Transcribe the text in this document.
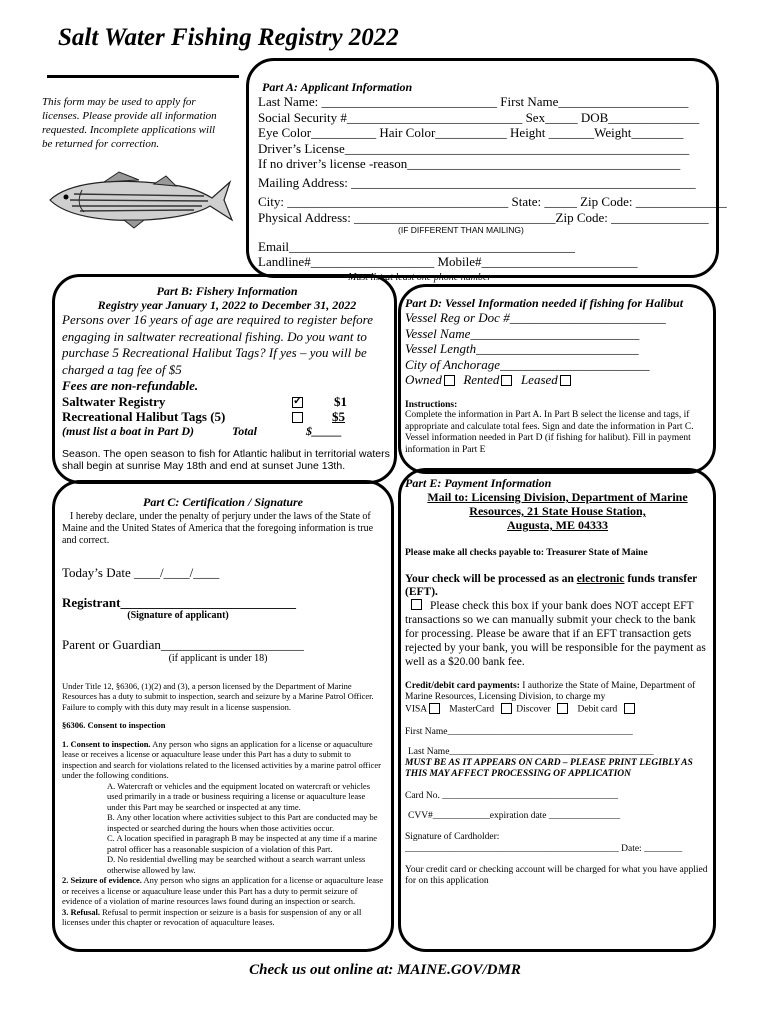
Salt Water Fishing Registry 2022
This form may be used to apply for licenses. Please provide all information requested. Incomplete applications will be returned for correction.
Part A: Applicant Information
Last Name: ___________________________ First Name____________________
Social Security #___________________________ Sex_____ DOB______________
Eye Color__________ Hair Color___________ Height _______Weight________
Driver’s License_____________________________________________________
If no driver’s license -reason__________________________________________
Mailing Address: _____________________________________________________
City: __________________________________ State: _____ Zip Code: ______________
Physical Address: _______________________________Zip Code: _______________
(IF DIFFERENT THAN MAILING)
Email____________________________________________
Landline#___________________ Mobile#________________________
Must list at least one phone number
Part B: Fishery Information
Registry year January 1, 2022 to December 31, 2022
Persons over 16 years of age are required to register before engaging in saltwater recreational fishing. Do you want to purchase 5 Recreational Halibut Tags? If yes – you will be charged a tag fee of $5
Fees are non-refundable.
Saltwater Registry
✓	$1
Recreational Halibut Tags (5)	$5
(must list a boat in Part D)	Total	$_____
Season. The open season to fish for Atlantic halibut in territorial waters shall begin at sunrise May 18th and end at sunset June 13th.
Part C: Certification / Signature
I hereby declare, under the penalty of perjury under the laws of the State of Maine and the United States of America that the foregoing information is true and correct.
Today’s Date ____/____/____
Registrant___________________________
(Signature of applicant)
Parent or Guardian______________________
(if applicant is under 18)
Under Title 12, §6306, (1)(2) and (3), a person licensed by the Department of Marine Resources has a duty to submit to inspection, search and seizure by a Marine Patrol Officer. Failure to comply with this duty may result in a license suspension.
§6306. Consent to inspection
1. Consent to inspection. Any person who signs an application for a license or aquaculture lease or receives a license or aquaculture lease under this Part has a duty to submit to inspection and search for violations related to the licensed activities by a marine patrol officer under the following conditions.
A. Watercraft or vehicles and the equipment located on watercraft or vehicles used primarily in a trade or business requiring a license or aquaculture lease under this Part may be searched or inspected at any time.
B. Any other location where activities subject to this Part are conducted may be inspected or searched during the hours when those activities occur.
C. A location specified in paragraph B may be inspected at any time if a marine patrol officer has a reasonable suspicion of a violation of this Part.
D. No residential dwelling may be searched without a search warrant unless otherwise allowed by law.
2. Seizure of evidence. Any person who signs an application for a license or aquaculture lease or receives a license or aquaculture lease under this Part has a duty to permit seizure of evidence of a violation of marine resources laws found during an inspection or search.
3. Refusal. Refusal to permit inspection or seizure is a basis for suspension of any or all licenses under this chapter or revocation of aquaculture leases.
Part D: Vessel Information needed if fishing for Halibut
Vessel Reg or Doc #________________________
Vessel Name__________________________
Vessel Length_________________________
City of Anchorage_______________________
Owned Rented Leased
Instructions:
Complete the information in Part A. In Part B select the license and tags, if appropriate and calculate total fees. Sign and date the information in Part C. Vessel information needed in Part D (if fishing for halibut). Fill in payment information in Part E
Part E: Payment Information
Mail to: Licensing Division, Department of Marine
Resources, 21 State House Station,
Augusta, ME 04333
Please make all checks payable to: Treasurer State of Maine
Your check will be processed as an electronic funds transfer (EFT).
Please check this box if your bank does NOT accept EFT transactions so we can manually submit your check to the bank for processing. Please be aware that if an EFT transaction gets rejected by your bank, you will be responsible for the payment as well as a $20.00 bank fee.
Credit/debit card payments: I authorize the State of Maine, Department of Marine Resources, Licensing Division, to charge my
VISA MasterCard Discover	Debit card
First Name_______________________________________
Last Name___________________________________________
MUST BE AS IT APPEARS ON CARD – PLEASE PRINT LEGIBLY AS THIS MAY AFFECT PROCESSING OF APPLICATION
Card No. _____________________________________
CVV#____________expiration date _______________
Signature of Cardholder:
_____________________________________________ Date: ________
Your credit card or checking account will be charged for what you have applied for on this application
Check us out online at: MAINE.GOV/DMR
